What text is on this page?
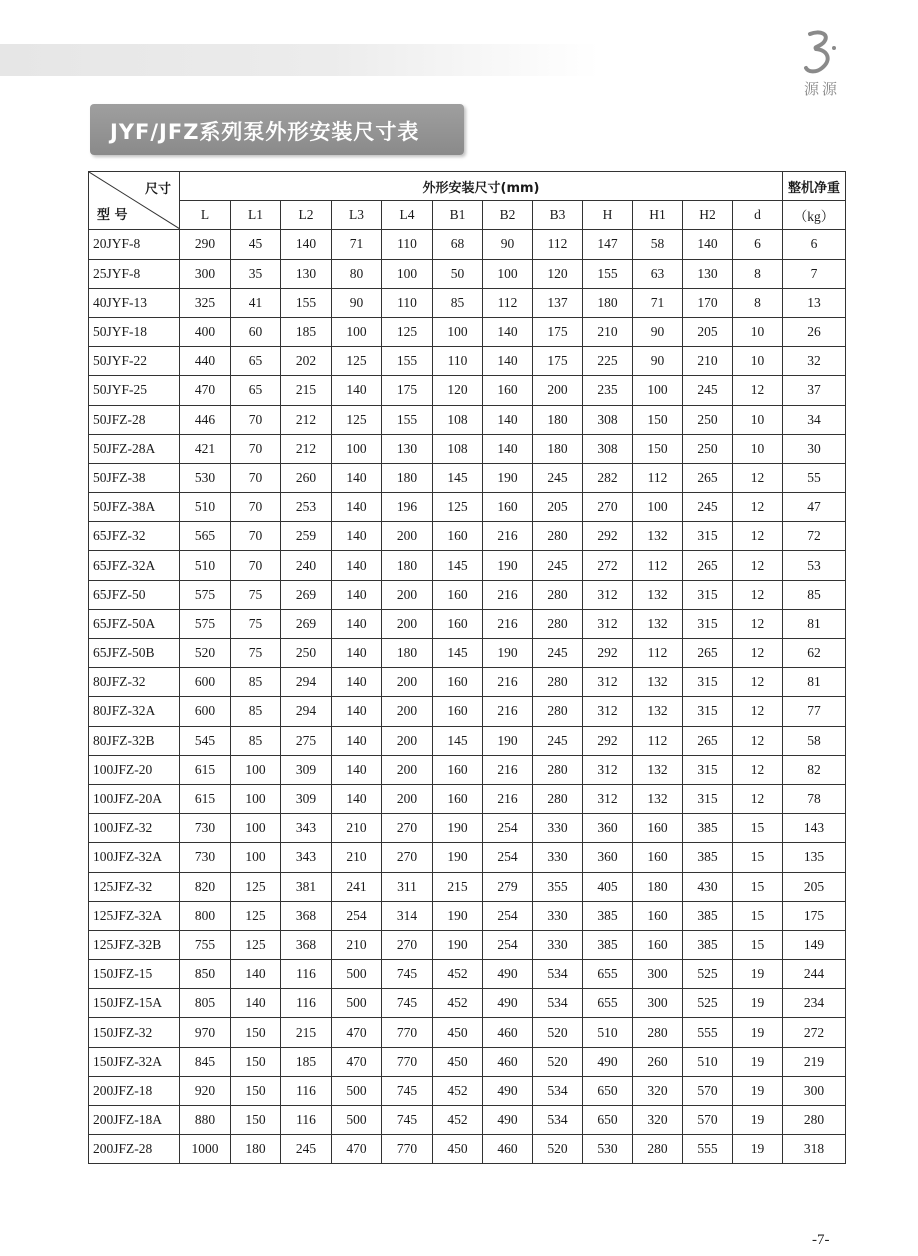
源源
JYF/JFZ系列泵外形安装尺寸表
尺寸
型 号	外形安装尺寸(mm)												整机净重
	L	L1	L2	L3	L4	B1	B2	B3	H	H1	H2	d	（kg）
20JYF-8	290	45	140	71	110	68	90	112	147	58	140	6	6
25JYF-8	300	35	130	80	100	50	100	120	155	63	130	8	7
40JYF-13	325	41	155	90	110	85	112	137	180	71	170	8	13
50JYF-18	400	60	185	100	125	100	140	175	210	90	205	10	26
50JYF-22	440	65	202	125	155	110	140	175	225	90	210	10	32
50JYF-25	470	65	215	140	175	120	160	200	235	100	245	12	37
50JFZ-28	446	70	212	125	155	108	140	180	308	150	250	10	34
50JFZ-28A	421	70	212	100	130	108	140	180	308	150	250	10	30
50JFZ-38	530	70	260	140	180	145	190	245	282	112	265	12	55
50JFZ-38A	510	70	253	140	196	125	160	205	270	100	245	12	47
65JFZ-32	565	70	259	140	200	160	216	280	292	132	315	12	72
65JFZ-32A	510	70	240	140	180	145	190	245	272	112	265	12	53
65JFZ-50	575	75	269	140	200	160	216	280	312	132	315	12	85
65JFZ-50A	575	75	269	140	200	160	216	280	312	132	315	12	81
65JFZ-50B	520	75	250	140	180	145	190	245	292	112	265	12	62
80JFZ-32	600	85	294	140	200	160	216	280	312	132	315	12	81
80JFZ-32A	600	85	294	140	200	160	216	280	312	132	315	12	77
80JFZ-32B	545	85	275	140	200	145	190	245	292	112	265	12	58
100JFZ-20	615	100	309	140	200	160	216	280	312	132	315	12	82
100JFZ-20A	615	100	309	140	200	160	216	280	312	132	315	12	78
100JFZ-32	730	100	343	210	270	190	254	330	360	160	385	15	143
100JFZ-32A	730	100	343	210	270	190	254	330	360	160	385	15	135
125JFZ-32	820	125	381	241	311	215	279	355	405	180	430	15	205
125JFZ-32A	800	125	368	254	314	190	254	330	385	160	385	15	175
125JFZ-32B	755	125	368	210	270	190	254	330	385	160	385	15	149
150JFZ-15	850	140	116	500	745	452	490	534	655	300	525	19	244
150JFZ-15A	805	140	116	500	745	452	490	534	655	300	525	19	234
150JFZ-32	970	150	215	470	770	450	460	520	510	280	555	19	272
150JFZ-32A	845	150	185	470	770	450	460	520	490	260	510	19	219
200JFZ-18	920	150	116	500	745	452	490	534	650	320	570	19	300
200JFZ-18A	880	150	116	500	745	452	490	534	650	320	570	19	280
200JFZ-28	1000	180	245	470	770	450	460	520	530	280	555	19	318
-7-
